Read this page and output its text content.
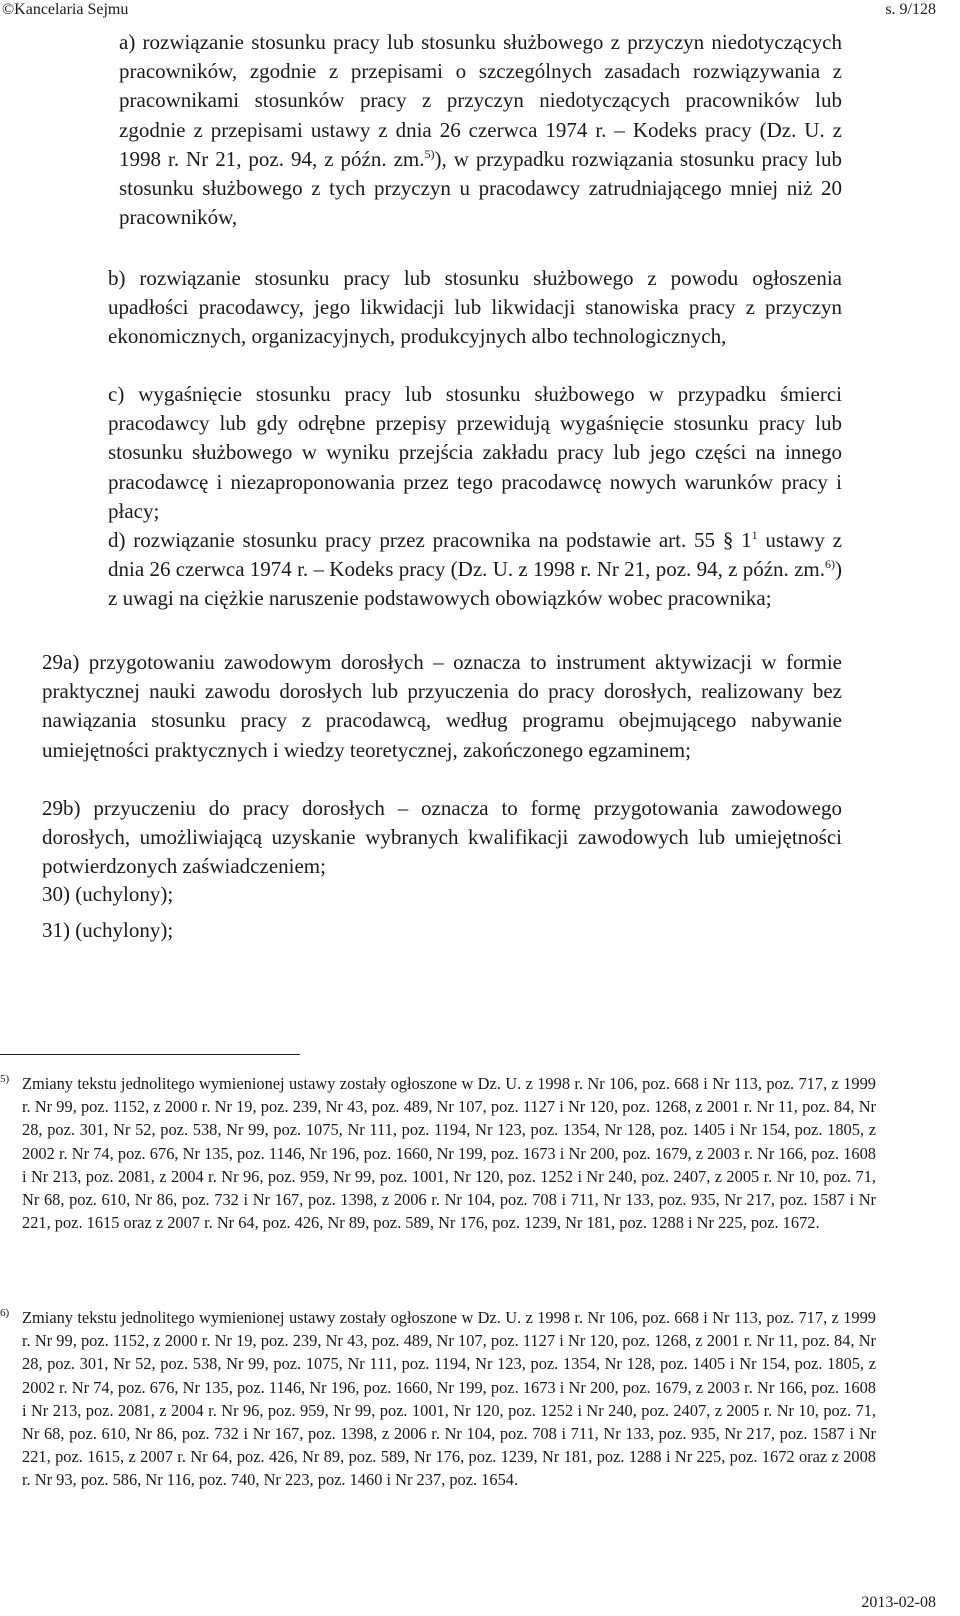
©Kancelaria Sejmu	s. 9/128

a) rozwiązanie stosunku pracy lub stosunku służbowego z przyczyn niedotyczących pracowników, zgodnie z przepisami o szczególnych zasadach rozwiązywania z pracownikami stosunków pracy z przyczyn niedotyczących pracowników lub zgodnie z przepisami ustawy z dnia 26 czerwca 1974 r. – Kodeks pracy (Dz. U. z 1998 r. Nr 21, poz. 94, z późn. zm.$^{5)}$), w przypadku rozwiązania stosunku pracy lub stosunku służbowego z tych przyczyn u pracodawcy zatrudniającego mniej niż 20 pracowników,

b) rozwiązanie stosunku pracy lub stosunku służbowego z powodu ogłoszenia upadłości pracodawcy, jego likwidacji lub likwidacji stanowiska pracy z przyczyn ekonomicznych, organizacyjnych, produkcyjnych albo technologicznych,

c) wygaśnięcie stosunku pracy lub stosunku służbowego w przypadku śmierci pracodawcy lub gdy odrębne przepisy przewidują wygaśnięcie stosunku pracy lub stosunku służbowego w wyniku przejścia zakładu pracy lub jego części na innego pracodawcę i niezaproponowania przez tego pracodawcę nowych warunków pracy i płacy;

d) rozwiązanie stosunku pracy przez pracownika na podstawie art. 55 § $1^1$ ustawy z dnia 26 czerwca 1974 r. – Kodeks pracy (Dz. U. z 1998 r. Nr 21, poz. 94, z późn. zm.$^{6)}$) z uwagi na ciężkie naruszenie podstawowych obowiązków wobec pracownika;

29a) przygotowaniu zawodowym dorosłych – oznacza to instrument aktywizacji w formie praktycznej nauki zawodu dorosłych lub przyuczenia do pracy dorosłych, realizowany bez nawiązania stosunku pracy z pracodawcą, według programu obejmującego nabywanie umiejętności praktycznych i wiedzy teoretycznej, zakończonego egzaminem;

29b) przyuczeniu do pracy dorosłych – oznacza to formę przygotowania zawodowego dorosłych, umożliwiającą uzyskanie wybranych kwalifikacji zawodowych lub umiejętności potwierdzonych zaświadczeniem;

30) (uchylony);

31) (uchylony);

5) Zmiany tekstu jednolitego wymienionej ustawy zostały ogłoszone w Dz. U. z 1998 r. Nr 106, poz. 668 i Nr 113, poz. 717, z 1999 r. Nr 99, poz. 1152, z 2000 r. Nr 19, poz. 239, Nr 43, poz. 489, Nr 107, poz. 1127 i Nr 120, poz. 1268, z 2001 r. Nr 11, poz. 84, Nr 28, poz. 301, Nr 52, poz. 538, Nr 99, poz. 1075, Nr 111, poz. 1194, Nr 123, poz. 1354, Nr 128, poz. 1405 i Nr 154, poz. 1805, z 2002 r. Nr 74, poz. 676, Nr 135, poz. 1146, Nr 196, poz. 1660, Nr 199, poz. 1673 i Nr 200, poz. 1679, z 2003 r. Nr 166, poz. 1608 i Nr 213, poz. 2081, z 2004 r. Nr 96, poz. 959, Nr 99, poz. 1001, Nr 120, poz. 1252 i Nr 240, poz. 2407, z 2005 r. Nr 10, poz. 71, Nr 68, poz. 610, Nr 86, poz. 732 i Nr 167, poz. 1398, z 2006 r. Nr 104, poz. 708 i 711, Nr 133, poz. 935, Nr 217, poz. 1587 i Nr 221, poz. 1615 oraz z 2007 r. Nr 64, poz. 426, Nr 89, poz. 589, Nr 176, poz. 1239, Nr 181, poz. 1288 i Nr 225, poz. 1672.

6) Zmiany tekstu jednolitego wymienionej ustawy zostały ogłoszone w Dz. U. z 1998 r. Nr 106, poz. 668 i Nr 113, poz. 717, z 1999 r. Nr 99, poz. 1152, z 2000 r. Nr 19, poz. 239, Nr 43, poz. 489, Nr 107, poz. 1127 i Nr 120, poz. 1268, z 2001 r. Nr 11, poz. 84, Nr 28, poz. 301, Nr 52, poz. 538, Nr 99, poz. 1075, Nr 111, poz. 1194, Nr 123, poz. 1354, Nr 128, poz. 1405 i Nr 154, poz. 1805, z 2002 r. Nr 74, poz. 676, Nr 135, poz. 1146, Nr 196, poz. 1660, Nr 199, poz. 1673 i Nr 200, poz. 1679, z 2003 r. Nr 166, poz. 1608 i Nr 213, poz. 2081, z 2004 r. Nr 96, poz. 959, Nr 99, poz. 1001, Nr 120, poz. 1252 i Nr 240, poz. 2407, z 2005 r. Nr 10, poz. 71, Nr 68, poz. 610, Nr 86, poz. 732 i Nr 167, poz. 1398, z 2006 r. Nr 104, poz. 708 i 711, Nr 133, poz. 935, Nr 217, poz. 1587 i Nr 221, poz. 1615, z 2007 r. Nr 64, poz. 426, Nr 89, poz. 589, Nr 176, poz. 1239, Nr 181, poz. 1288 i Nr 225, poz. 1672 oraz z 2008 r. Nr 93, poz. 586, Nr 116, poz. 740, Nr 223, poz. 1460 i Nr 237, poz. 1654.

2013-02-08
